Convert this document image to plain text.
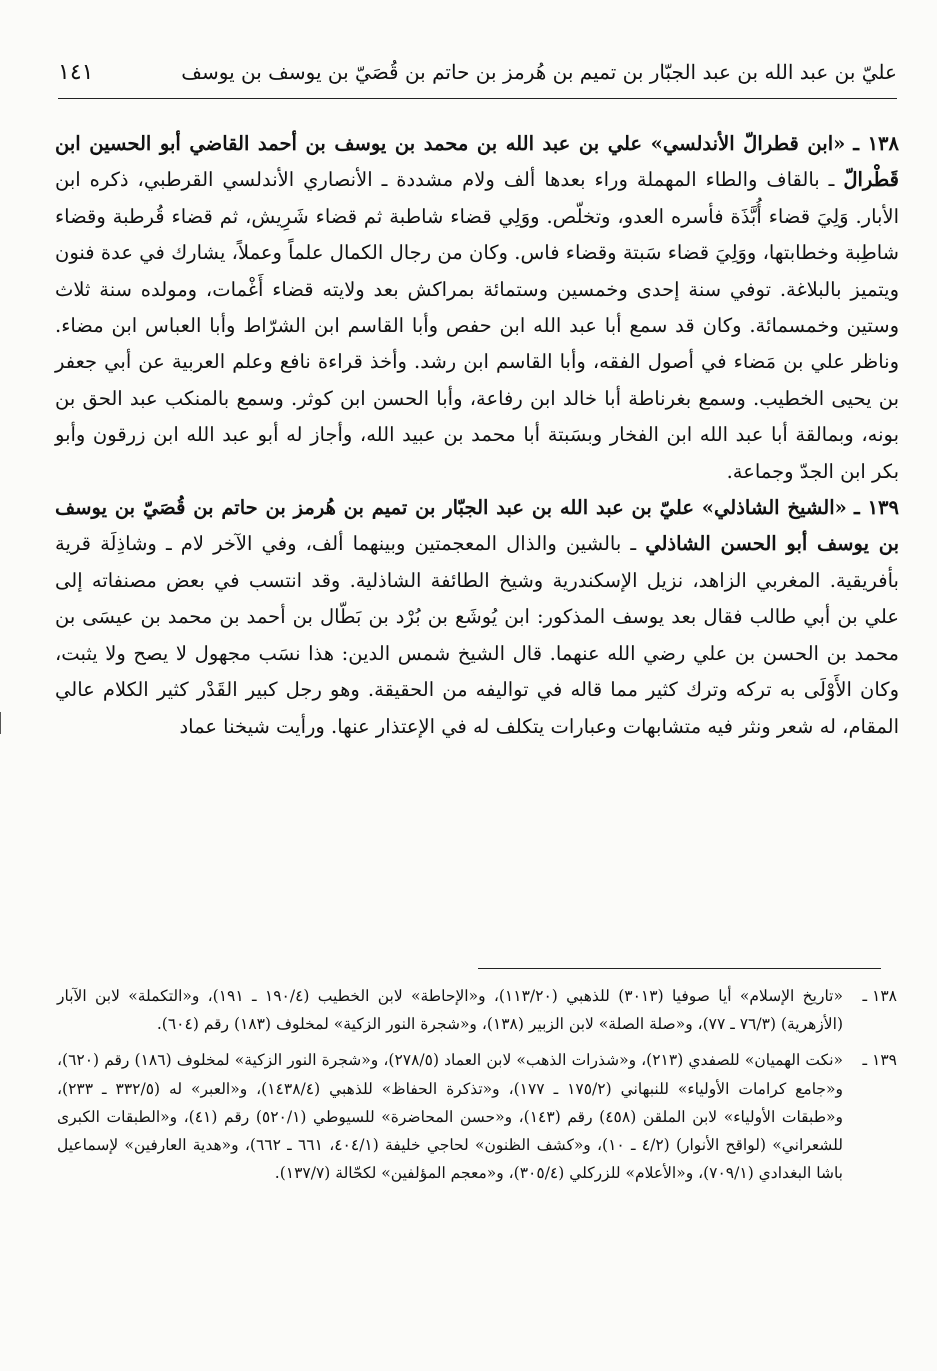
عليّ بن عبد الله بن عبد الجبّار بن تميم بن هُرمز بن حاتم بن قُصَيّ بن يوسف بن يوسف
١٤١

١٣٨ ـ «ابن قطرالّ الأندلسي» علي بن عبد الله بن محمد بن يوسف بن أحمد القاضي أبو الحسين ابن قَطْرالّ ـ بالقاف والطاء المهملة وراء بعدها ألف ولام مشددة ـ الأنصاري الأندلسي القرطبي، ذكره ابن الأبار. وَلِيَ قضاء أُبَّذَة فأسره العدو، وتخلّص. ووَلِي قضاء شاطبة ثم قضاء شَرِيش، ثم قضاء قُرطبة وقضاء شاطِبة وخطابتها، ووَلِيَ قضاء سَبتة وقضاء فاس. وكان من رجال الكمال علماً وعملاً، يشارك في عدة فنون ويتميز بالبلاغة. توفي سنة إحدى وخمسين وستمائة بمراكش بعد ولايته قضاء أَغْمات، ومولده سنة ثلاث وستين وخمسمائة. وكان قد سمع أبا عبد الله ابن حفص وأبا القاسم ابن الشرّاط وأبا العباس ابن مضاء. وناظر علي بن مَضاء في أصول الفقه، وأبا القاسم ابن رشد. وأخذ قراءة نافع وعلم العربية عن أبي جعفر بن يحيى الخطيب. وسمع بغرناطة أبا خالد ابن رفاعة، وأبا الحسن ابن كوثر. وسمع بالمنكب عبد الحق بن بونه، وبمالقة أبا عبد الله ابن الفخار وبسَبتة أبا محمد بن عبيد الله، وأجاز له أبو عبد الله ابن زرقون وأبو بكر ابن الجدّ وجماعة.

١٣٩ ـ «الشيخ الشاذلي» عليّ بن عبد الله بن عبد الجبّار بن تميم بن هُرمز بن حاتم بن قُصَيّ بن يوسف بن يوسف أبو الحسن الشاذلي ـ بالشين والذال المعجمتين وبينهما ألف، وفي الآخر لام ـ وشاذِلَة قرية بأفريقية. المغربي الزاهد، نزيل الإسكندرية وشيخ الطائفة الشاذلية. وقد انتسب في بعض مصنفاته إلى علي بن أبي طالب فقال بعد يوسف المذكور: ابن يُوشَع بن بُرْد بن بَطّال بن أحمد بن محمد بن عيسَى بن محمد بن الحسن بن علي رضي الله عنهما. قال الشيخ شمس الدين: هذا نسَب مجهول لا يصح ولا يثبت، وكان الأَوْلَى به تركه وترك كثير مما قاله في تواليفه من الحقيقة. وهو رجل كبير القَدْر كثير الكلام عالي المقام، له شعر ونثر فيه متشابهات وعبارات يتكلف له في الإعتذار عنها. ورأيت شيخنا عماد

١٣٨ ـ
«تاريخ الإسلام» أيا صوفيا (٣٠١٣) للذهبي (١١٣/٢٠)، و«الإحاطة» لابن الخطيب (١٩٠/٤ ـ ١٩١)، و«التكملة» لابن الآبار (الأزهرية) (٧٦/٣ ـ ٧٧)، و«صلة الصلة» لابن الزبير (١٣٨)، و«شجرة النور الزكية» لمخلوف (١٨٣) رقم (٦٠٤).
١٣٩ ـ
«نكت الهميان» للصفدي (٢١٣)، و«شذرات الذهب» لابن العماد (٢٧٨/٥)، و«شجرة النور الزكية» لمخلوف (١٨٦) رقم (٦٢٠)، و«جامع كرامات الأولياء» للنبهاني (١٧٥/٢ ـ ١٧٧)، و«تذكرة الحفاظ» للذهبي (١٤٣٨/٤)، و«العبر» له (٣٣٢/٥ ـ ٢٣٣)، و«طبقات الأولياء» لابن الملقن (٤٥٨) رقم (١٤٣)، و«حسن المحاضرة» للسيوطي (٥٢٠/١) رقم (٤١)، و«الطبقات الكبرى للشعراني» (لواقح الأنوار) (٤/٢ ـ ١٠)، و«كشف الظنون» لحاجي خليفة (٤٠٤/١، ٦٦١ ـ ٦٦٢)، و«هدية العارفين» لإسماعيل باشا البغدادي (٧٠٩/١)، و«الأعلام» للزركلي (٣٠٥/٤)، و«معجم المؤلفين» لكحّالة (١٣٧/٧).
